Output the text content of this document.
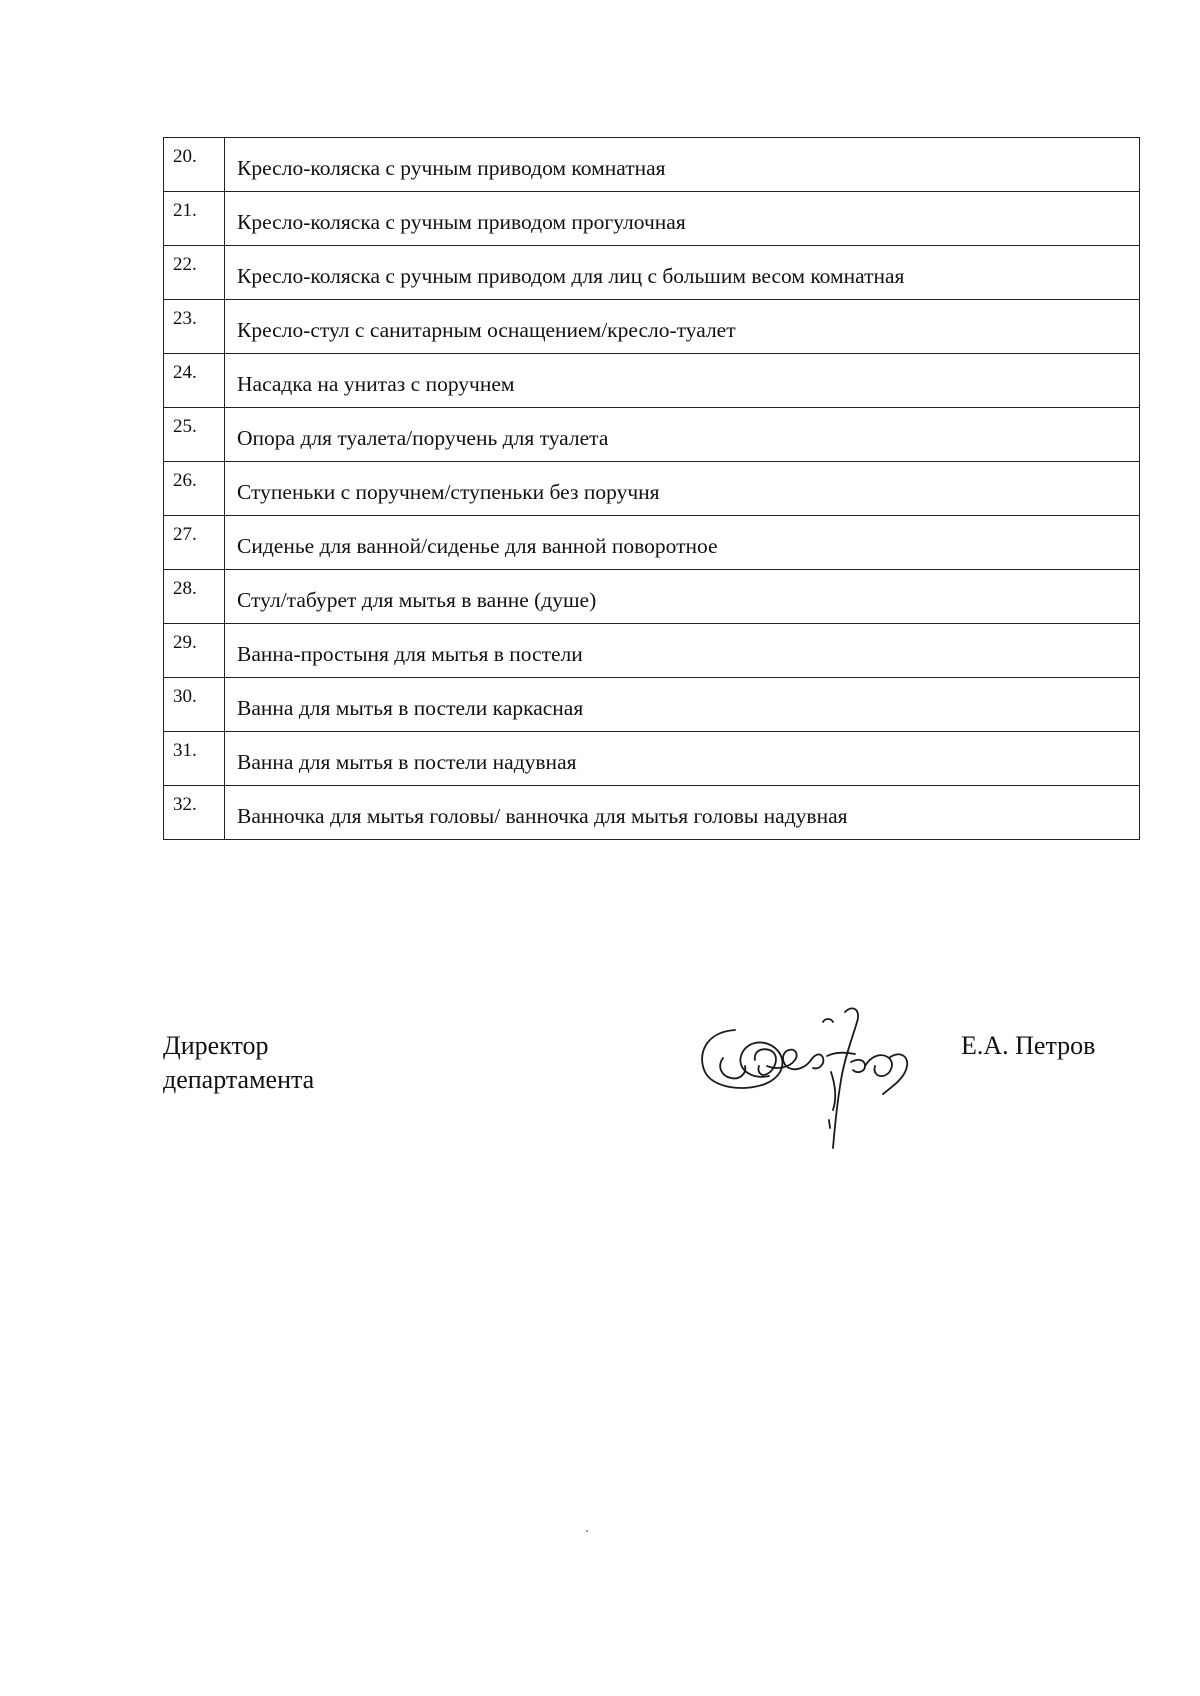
20.	Кресло-коляска с ручным приводом комнатная
21.	Кресло-коляска с ручным приводом прогулочная
22.	Кресло-коляска с ручным приводом для лиц с большим весом комнатная
23.	Кресло-стул с санитарным оснащением/кресло-туалет
24.	Насадка на унитаз с поручнем
25.	Опора для туалета/поручень для туалета
26.	Ступеньки с поручнем/ступеньки без поручня
27.	Сиденье для ванной/сиденье для ванной поворотное
28.	Стул/табурет для мытья в ванне (душе)
29.	Ванна-простыня для мытья в постели
30.	Ванна для мытья в постели каркасная
31.	Ванна для мытья в постели надувная
32.	Ванночка для мытья головы/ ванночка для мытья головы надувная
Директор
департамента
Е.А. Петров
